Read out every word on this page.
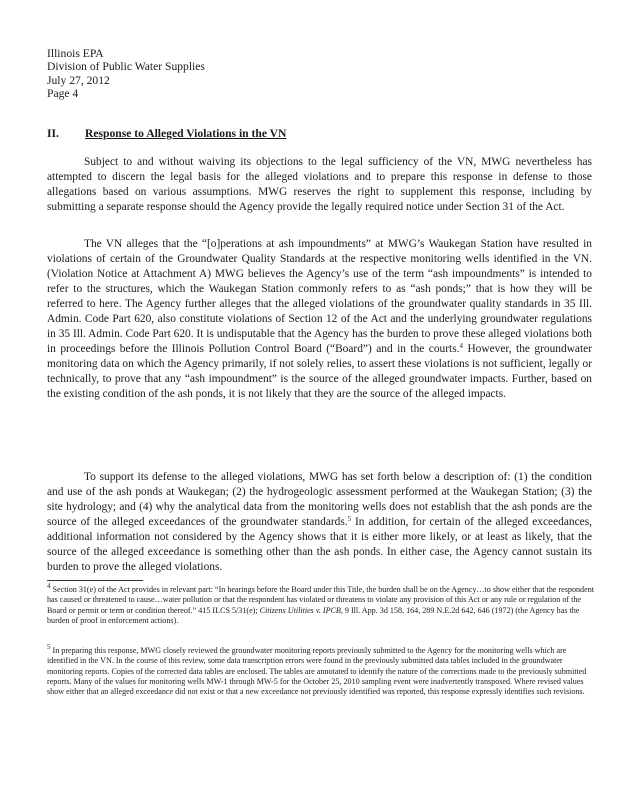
Illinois EPA
Division of Public Water Supplies
July 27, 2012
Page 4
II. Response to Alleged Violations in the VN

Subject to and without waiving its objections to the legal sufficiency of the VN, MWG nevertheless has attempted to discern the legal basis for the alleged violations and to prepare this response in defense to those allegations based on various assumptions. MWG reserves the right to supplement this response, including by submitting a separate response should the Agency provide the legally required notice under Section 31 of the Act.

The VN alleges that the “[o]perations at ash impoundments” at MWG’s Waukegan Station have resulted in violations of certain of the Groundwater Quality Standards at the respective monitoring wells identified in the VN. (Violation Notice at Attachment A) MWG believes the Agency’s use of the term “ash impoundments” is intended to refer to the structures, which the Waukegan Station commonly refers to as “ash ponds;” that is how they will be referred to here. The Agency further alleges that the alleged violations of the groundwater quality standards in 35 Ill. Admin. Code Part 620, also constitute violations of Section 12 of the Act and the underlying groundwater regulations in 35 Ill. Admin. Code Part 620. It is undisputable that the Agency has the burden to prove these alleged violations both in proceedings before the Illinois Pollution Control Board (“Board”) and in the courts.$^4$ However, the groundwater monitoring data on which the Agency primarily, if not solely relies, to assert these violations is not sufficient, legally or technically, to prove that any “ash impoundment” is the source of the alleged groundwater impacts. Further, based on the existing condition of the ash ponds, it is not likely that they are the source of the alleged impacts.

To support its defense to the alleged violations, MWG has set forth below a description of: (1) the condition and use of the ash ponds at Waukegan; (2) the hydrogeologic assessment performed at the Waukegan Station; (3) the site hydrology; and (4) why the analytical data from the monitoring wells does not establish that the ash ponds are the source of the alleged exceedances of the groundwater standards.$^5$ In addition, for certain of the alleged exceedances, additional information not considered by the Agency shows that it is either more likely, or at least as likely, that the source of the alleged exceedance is something other than the ash ponds. In either case, the Agency cannot sustain its burden to prove the alleged violations.

$^4$ Section 31(e) of the Act provides in relevant part: “In hearings before the Board under this Title, the burden shall be on the Agency…to show either that the respondent has caused or threatened to cause…water pollution or that the respondent has violated or threatens to violate any provision of this Act or any rule or regulation of the Board or permit or term or condition thereof.” 415 ILCS 5/31(e); Citizens Utilities v. IPCB, 9 Ill. App. 3d 158, 164, 289 N.E.2d 642, 646 (1972) (the Agency has the burden of proof in enforcement actions).

$^5$ In preparing this response, MWG closely reviewed the groundwater monitoring reports previously submitted to the Agency for the monitoring wells which are identified in the VN. In the course of this review, some data transcription errors were found in the previously submitted data tables included in the groundwater monitoring reports. Copies of the corrected data tables are enclosed. The tables are annotated to identify the nature of the corrections made to the previously submitted reports. Many of the values for monitoring wells MW-1 through MW-5 for the October 25, 2010 sampling event were inadvertently transposed. Where revised values show either that an alleged exceedance did not exist or that a new exceedance not previously identified was reported, this response expressly identifies such revisions.
